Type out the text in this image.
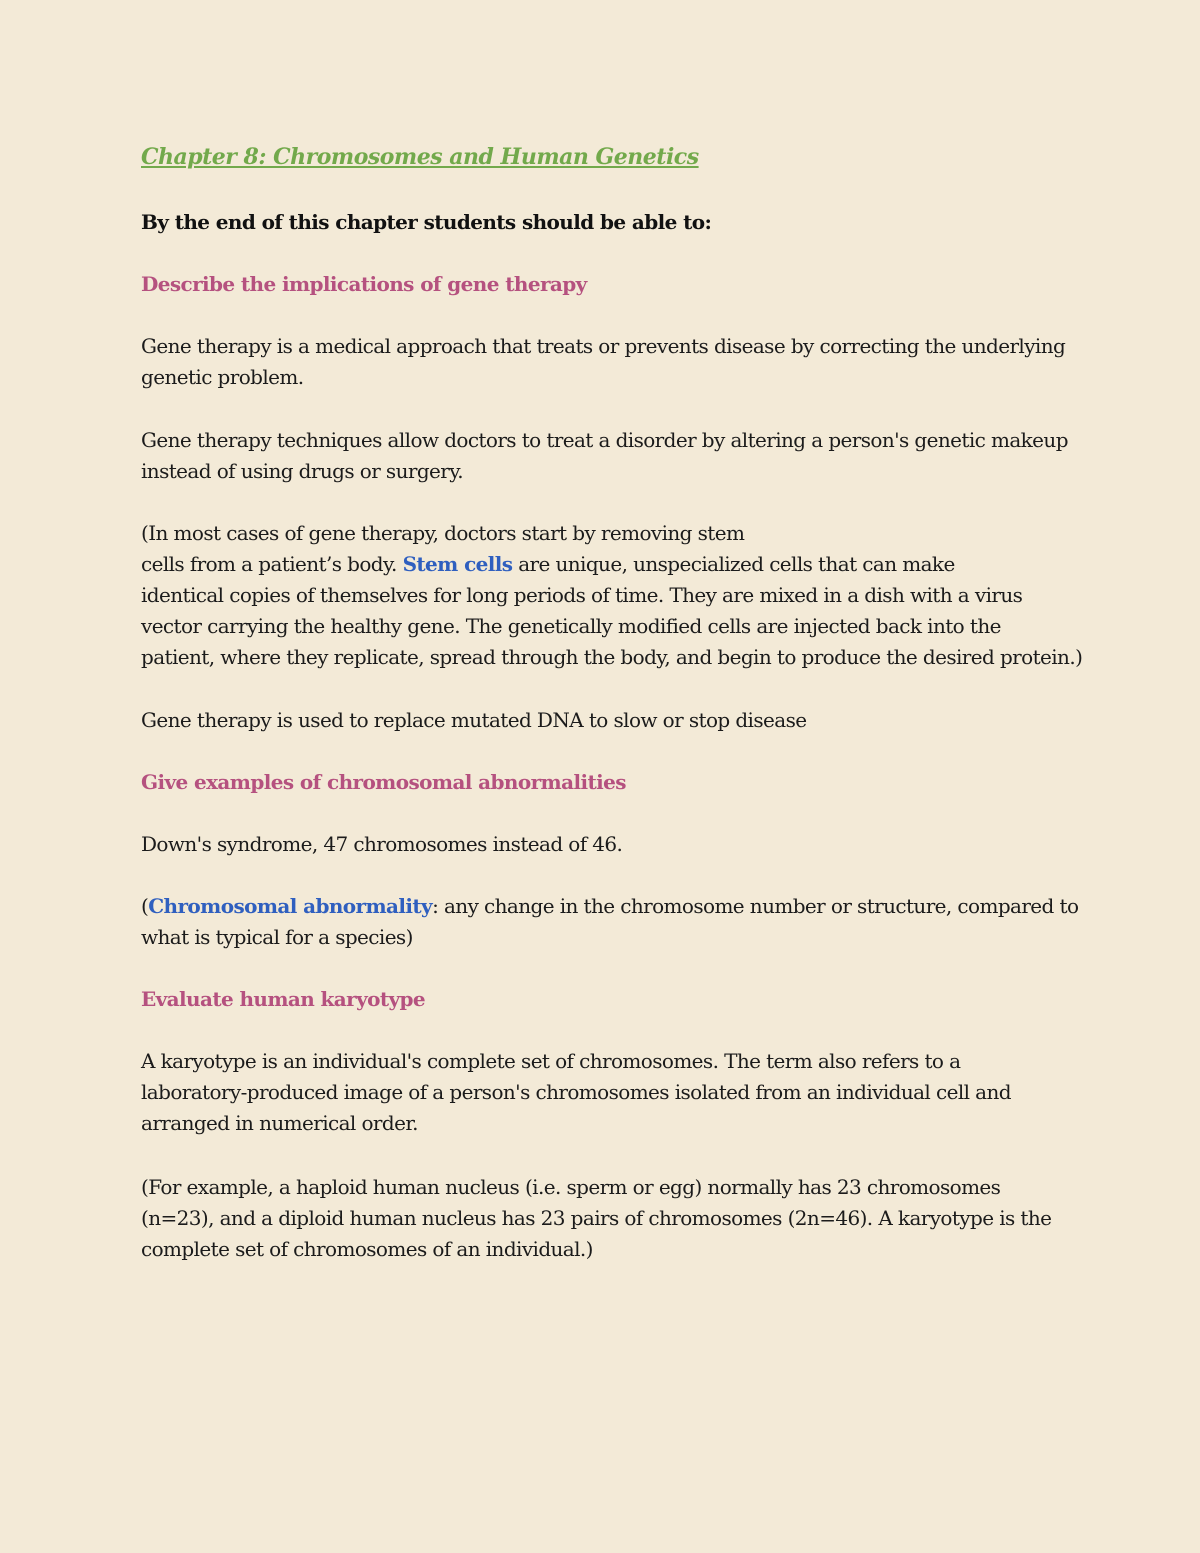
Chapter 8: Chromosomes and Human Genetics
By the end of this chapter students should be able to:
Describe the implications of gene therapy
Gene therapy is a medical approach that treats or prevents disease by correcting the underlying
genetic problem.
Gene therapy techniques allow doctors to treat a disorder by altering a person's genetic makeup
instead of using drugs or surgery.
(In most cases of gene therapy, doctors start by removing stem
cells from a patient’s body. Stem cells are unique, unspecialized cells that can make
identical copies of themselves for long periods of time. They are mixed in a dish with a virus
vector carrying the healthy gene. The genetically modified cells are injected back into the
patient, where they replicate, spread through the body, and begin to produce the desired protein.)
Gene therapy is used to replace mutated DNA to slow or stop disease
Give examples of chromosomal abnormalities
Down's syndrome, 47 chromosomes instead of 46.
(Chromosomal abnormality: any change in the chromosome number or structure, compared to
what is typical for a species)
Evaluate human karyotype
A karyotype is an individual's complete set of chromosomes. The term also refers to a
laboratory-produced image of a person's chromosomes isolated from an individual cell and
arranged in numerical order.
(For example, a haploid human nucleus (i.e. sperm or egg) normally has 23 chromosomes
(n=23), and a diploid human nucleus has 23 pairs of chromosomes (2n=46). A karyotype is the
complete set of chromosomes of an individual.)
